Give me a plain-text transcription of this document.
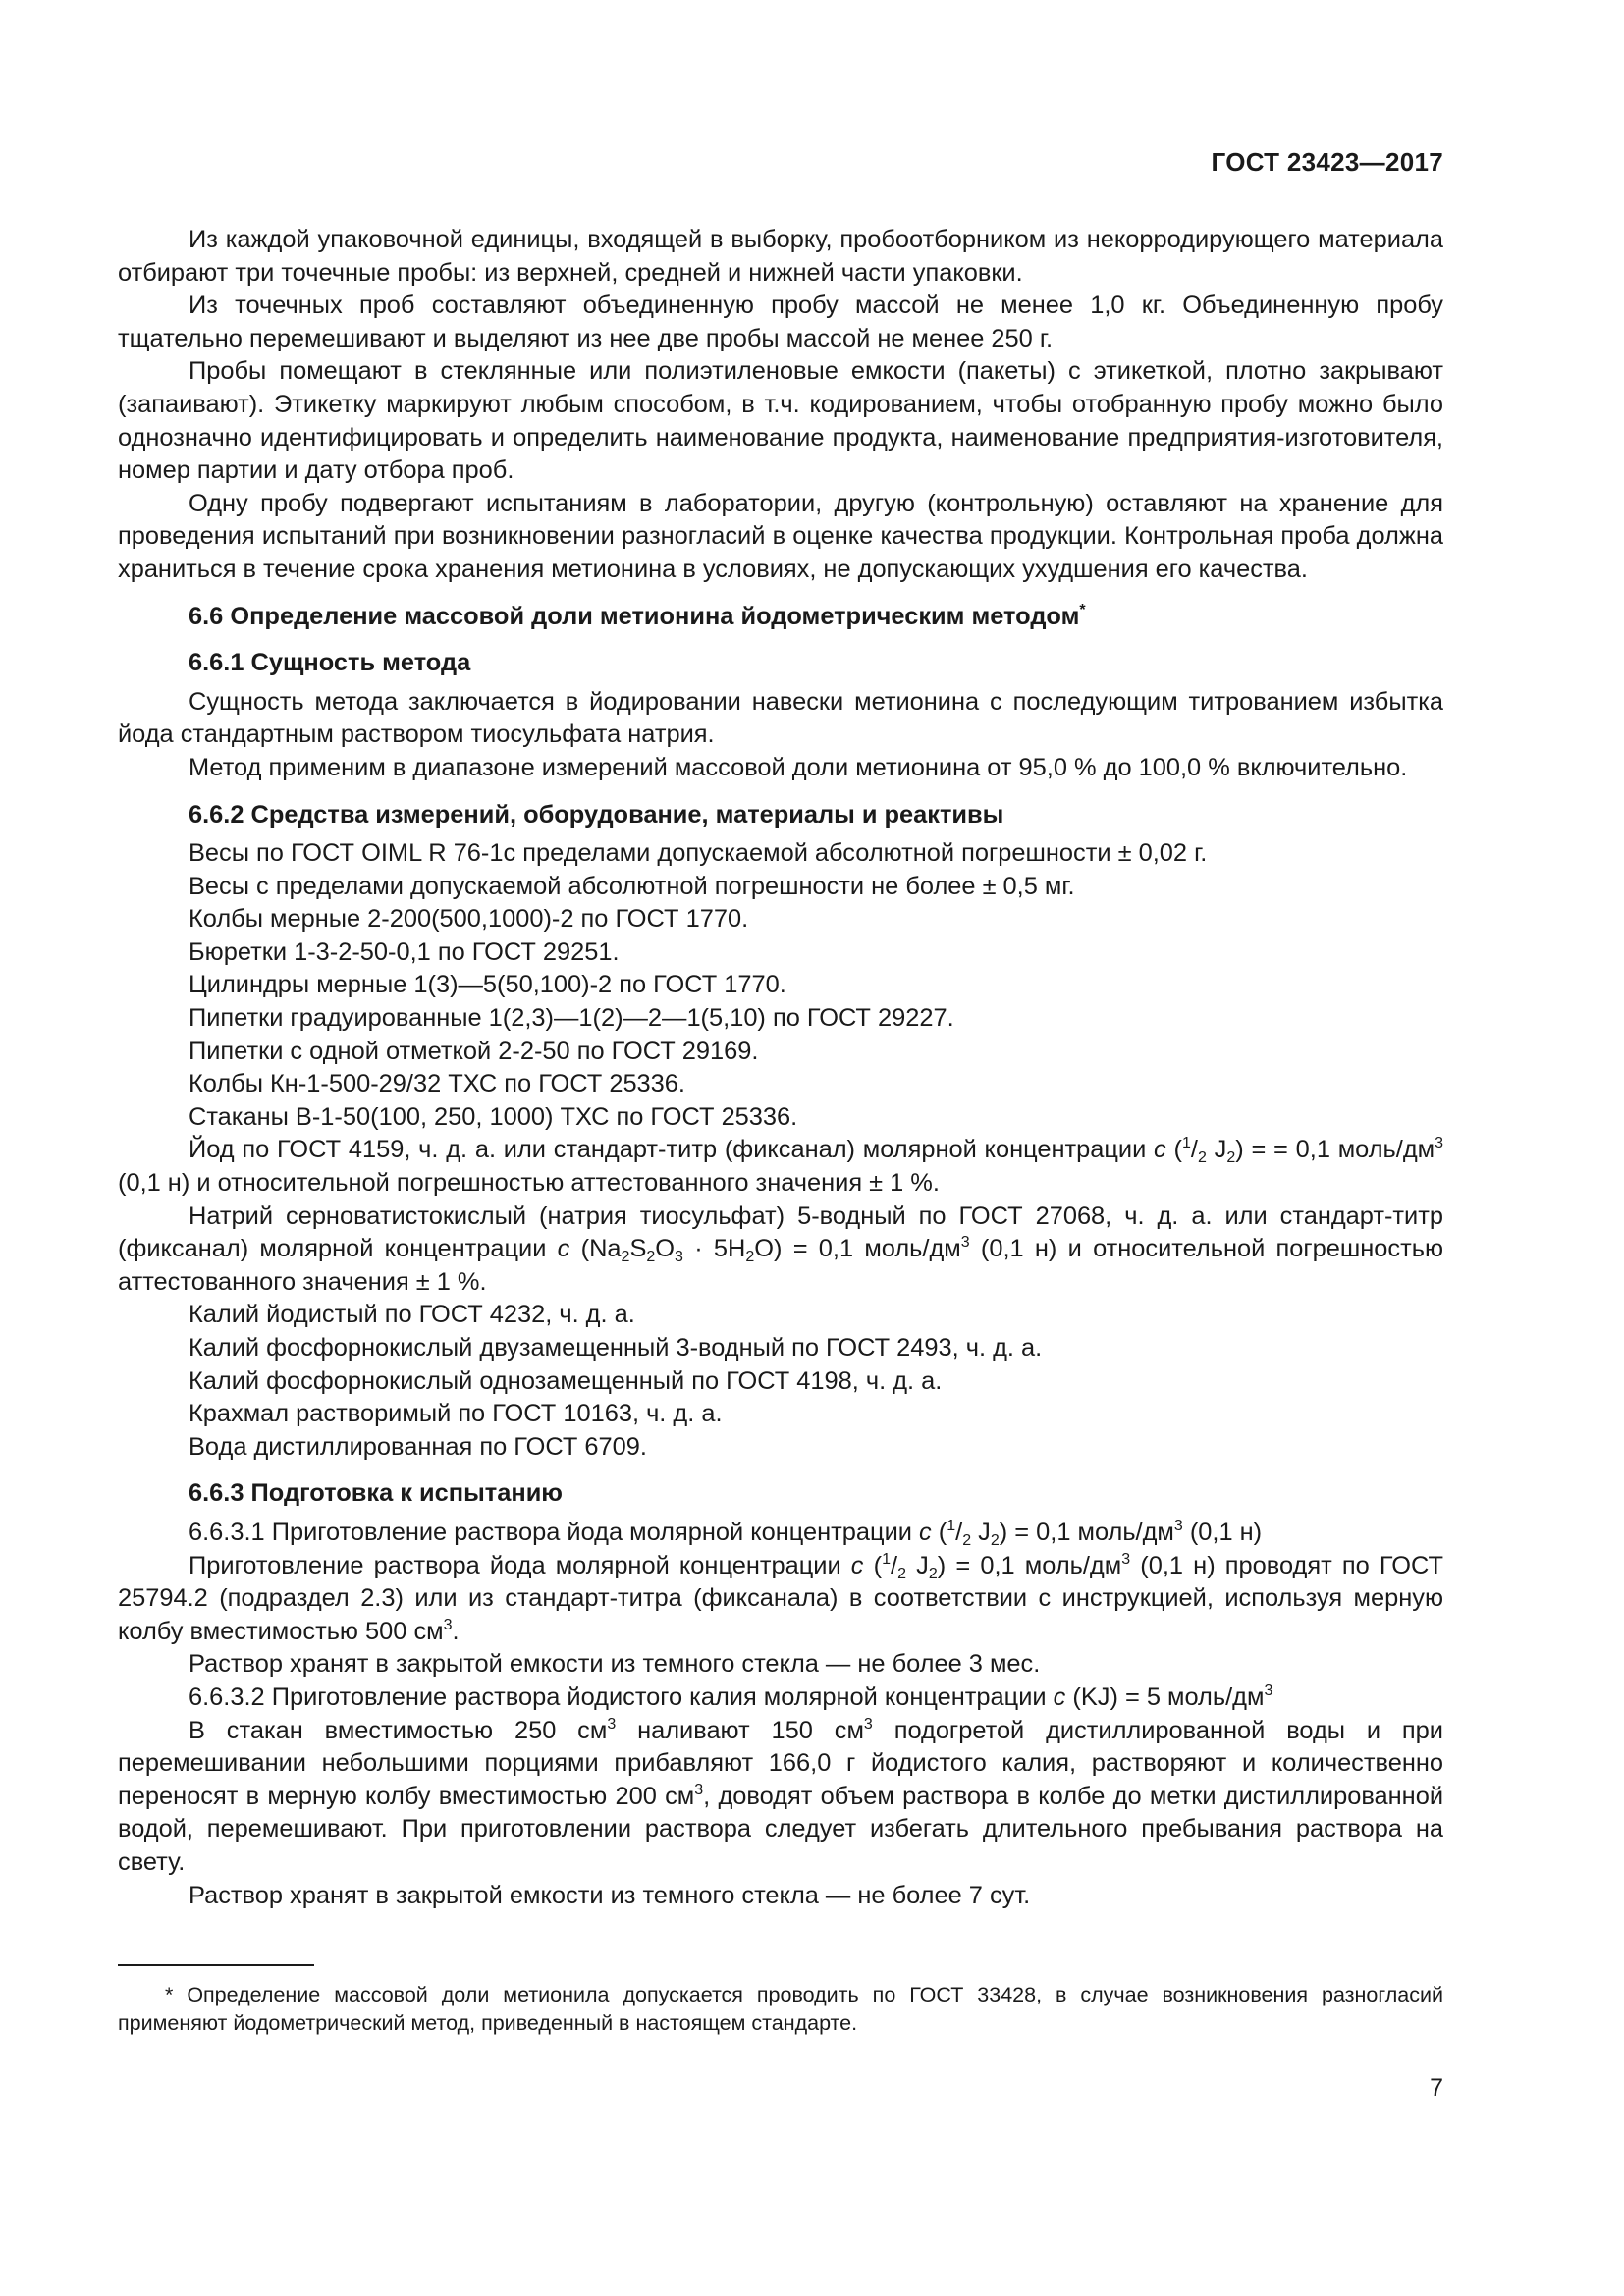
ГОСТ 23423—2017

Из каждой упаковочной единицы, входящей в выборку, пробоотборником из некорродирующего материала отбирают три точечные пробы: из верхней, средней и нижней части упаковки.

Из точечных проб составляют объединенную пробу массой не менее 1,0 кг. Объединенную пробу тщательно перемешивают и выделяют из нее две пробы массой не менее 250 г.

Пробы помещают в стеклянные или полиэтиленовые емкости (пакеты) с этикеткой, плотно закрывают (запаивают). Этикетку маркируют любым способом, в т.ч. кодированием, чтобы отобранную пробу можно было однозначно идентифицировать и определить наименование продукта, наименование предприятия-изготовителя, номер партии и дату отбора проб.

Одну пробу подвергают испытаниям в лаборатории, другую (контрольную) оставляют на хранение для проведения испытаний при возникновении разногласий в оценке качества продукции. Контрольная проба должна храниться в течение срока хранения метионина в условиях, не допускающих ухудшения его качества.

6.6 Определение массовой доли метионина йодометрическим методом*
6.6.1 Сущность метода

Сущность метода заключается в йодировании навески метионина с последующим титрованием избытка йода стандартным раствором тиосульфата натрия.

Метод применим в диапазоне измерений массовой доли метионина от 95,0 % до 100,0 % включительно.

6.6.2 Средства измерений, оборудование, материалы и реактивы

Весы по ГОСТ OIML R 76-1с пределами допускаемой абсолютной погрешности ± 0,02 г.

Весы с пределами допускаемой абсолютной погрешности не более ± 0,5 мг.

Колбы мерные 2-200(500,1000)-2 по ГОСТ 1770.

Бюретки 1-3-2-50-0,1 по ГОСТ 29251.

Цилиндры мерные 1(3)—5(50,100)-2 по ГОСТ 1770.

Пипетки градуированные 1(2,3)—1(2)—2—1(5,10) по ГОСТ 29227.

Пипетки с одной отметкой 2-2-50 по ГОСТ 29169.

Колбы Кн-1-500-29/32 ТХС по ГОСТ 25336.

Стаканы В-1-50(100, 250, 1000) ТХС по ГОСТ 25336.

Йод по ГОСТ 4159, ч. д. а. или стандарт-титр (фиксанал) молярной концентрации c ($^1/_2$ $J_2$) = = 0,1 моль/$дм^3$ (0,1 н) и относительной погрешностью аттестованного значения ± 1 %.

Натрий серноватистокислый (натрия тиосульфат) 5-водный по ГОСТ 27068, ч. д. а. или стандарт-титр (фиксанал) молярной концентрации c $(Na_2S_2O_3 \cdot 5H_2O) = 0,1$ моль/$дм^3$ (0,1 н) и относительной погрешностью аттестованного значения ± 1 %.

Калий йодистый по ГОСТ 4232, ч. д. а.

Калий фосфорнокислый двузамещенный 3-водный по ГОСТ 2493, ч. д. а.

Калий фосфорнокислый однозамещенный по ГОСТ 4198, ч. д. а.

Крахмал растворимый по ГОСТ 10163, ч. д. а.

Вода дистиллированная по ГОСТ 6709.

6.6.3 Подготовка к испытанию

6.6.3.1 Приготовление раствора йода молярной концентрации c ($^1/_2$ $J_2) = 0,1$ моль/$дм^3$ (0,1 н)

Приготовление раствора йода молярной концентрации c ($^1/_2$ $J_2) = 0,1$ моль/$дм^3$ (0,1 н) проводят по ГОСТ 25794.2 (подраздел 2.3) или из стандарт-титра (фиксанала) в соответствии с инструкцией, используя мерную колбу вместимостью 500 $см^3$.

Раствор хранят в закрытой емкости из темного стекла — не более 3 мес.

6.6.3.2 Приготовление раствора йодистого калия молярной концентрации c (KJ) = 5 моль/$дм^3$

В стакан вместимостью 250 $см^3$ наливают 150 $см^3$ подогретой дистиллированной воды и при перемешивании небольшими порциями прибавляют 166,0 г йодистого калия, растворяют и количественно переносят в мерную колбу вместимостью 200 $см^3$, доводят объем раствора в колбе до метки дистиллированной водой, перемешивают. При приготовлении раствора следует избегать длительного пребывания раствора на свету.

Раствор хранят в закрытой емкости из темного стекла — не более 7 сут.

* Определение массовой доли метионила допускается проводить по ГОСТ 33428, в случае возникновения разногласий применяют йодометрический метод, приведенный в настоящем стандарте.
7
